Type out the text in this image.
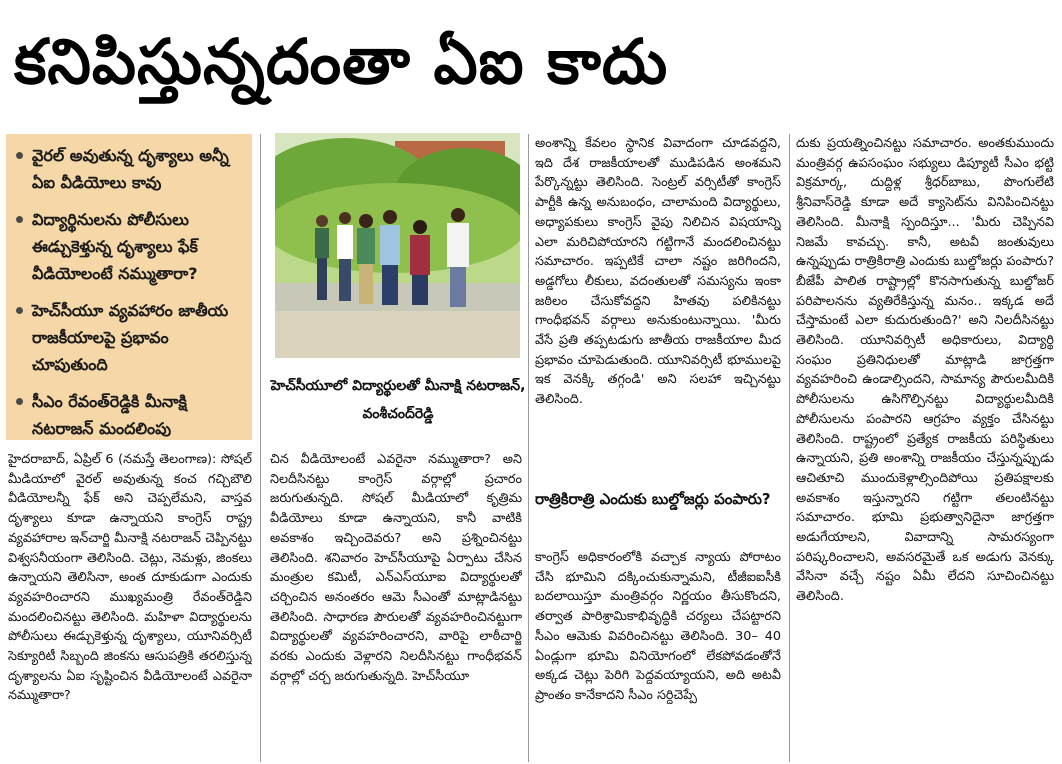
కనిపిస్తున్నదంతా ఏఐ కాదు
వైరల్ అవుతున్న దృశ్యాలు అన్నీ ఏఐ వీడియోలు కావు
విద్యార్థినులను పోలీసులు ఈడ్చుకెళ్తున్న దృశ్యాలు ఫేక్ వీడియోలంటే నమ్ముతారా?
హెచ్‌సీయూ వ్యవహారం జాతీయ రాజకీయాలపై ప్రభావం చూపుతుంది
సీఎం రేవంత్‌రెడ్డికి మీనాక్షి నటరాజన్ మందలింపు

హైదరాబాద్, ఏప్రిల్ 6 (నమస్తే తెలంగాణ): సోషల్ మీడియాలో వైరల్ అవుతున్న కంచ గచ్చిబౌలి వీడియోలన్నీ ఫేక్ అని చెప్పలేమని, వాస్తవ దృశ్యాలు కూడా ఉన్నాయని కాంగ్రెస్ రాష్ట్ర వ్యవహారాల ఇన్‌చార్జి మీనాక్షి నటరాజన్ చెప్పినట్టు విశ్వసనీయంగా తెలిసింది. చెట్లు, నెమళ్లు, జింకలు ఉన్నాయని తెలిసినా, అంత దూకుడుగా ఎందుకు వ్యవహరించారని ముఖ్యమంత్రి రేవంత్‌రెడ్డిని మందలించినట్టు తెలిసింది. మహిళా విద్యార్థులను పోలీసులు ఈడ్చుకెళ్తున్న దృశ్యాలు, యూనివర్సిటీ సెక్యూరిటీ సిబ్బంది జింకను ఆసుపత్రికి తరలిస్తున్న దృశ్యాలను ఏఐ సృష్టించిన వీడియోలంటే ఎవరైనా నమ్ముతారా?

హెచ్‌సీయూలో విద్యార్థులతో మీనాక్షి నటరాజన్, వంశీచంద్‌రెడ్డి

చిన వీడియోలంటే ఎవరైనా నమ్ముతారా? అని నిలదీసినట్టు కాంగ్రెస్ వర్గాల్లో ప్రచారం జరుగుతున్నది. సోషల్ మీడియాలో కృత్రిమ వీడియోలు కూడా ఉన్నాయని, కానీ వాటికి అవకాశం ఇచ్చిందెవరు? అని ప్రశ్నించినట్టు తెలిసింది. శనివారం హెచ్‌సీయూపై ఏర్పాటు చేసిన మంత్రుల కమిటీ, ఎన్‌ఎస్‌యూఐ విద్యార్థులతో చర్చించిన అనంతరం ఆమె సీఎంతో మాట్లాడినట్టు తెలిసింది. సాధారణ పౌరులతో వ్యవహరించినట్టుగా విద్యార్థులతో వ్యవహరించారని, వారిపై లాఠీచార్జి వరకు ఎందుకు వెళ్లారని నిలదీసినట్టు గాంధీభవన్ వర్గాల్లో చర్చ జరుగుతున్నది. హెచ్‌సీయూ

అంశాన్ని కేవలం స్థానిక వివాదంగా చూడవద్దని, ఇది దేశ రాజకీయాలతో ముడిపడిన అంశమని పేర్కొన్నట్టు తెలిసింది. సెంట్రల్ వర్సిటీతో కాంగ్రెస్ పార్టీకి ఉన్న అనుబంధం, చాలామంది విద్యార్థులు, అధ్యాపకులు కాంగ్రెస్ వైపు నిలిచిన విషయాన్ని ఎలా మరిచిపోయారని గట్టిగానే మందలించినట్టు సమాచారం. ఇప్పటికే చాలా నష్టం జరిగిందని, అడ్డగోలు లీకులు, వదంతులతో సమస్యను ఇంకా జఠిలం చేసుకోవద్దని హితవు పలికినట్టు గాంధీభవన్ వర్గాలు అనుకుంటున్నాయి. 'మీరు వేసే ప్రతి తప్పటడుగు జాతీయ రాజకీయాల మీద ప్రభావం చూపెడుతుంది. యూనివర్సిటీ భూములపై ఇక వెనక్కి తగ్గండి' అని సలహా ఇచ్చినట్టు తెలిసింది.

రాత్రికిరాత్రి ఎందుకు బుల్డోజర్లు పంపారు?

కాంగ్రెస్ అధికారంలోకి వచ్చాక న్యాయ పోరాటం చేసి భూమిని దక్కించుకున్నామని, టీజీఐఐసీకి బదలాయిస్తూ మంత్రివర్గం నిర్ణయం తీసుకొందని, తర్వాత పారిశ్రామికాభివృద్ధికి చర్యలు చేపట్టారని సీఎం ఆమెకు వివరించినట్టు తెలిసింది. 30– 40 ఏండ్లుగా భూమి వినియోగంలో లేకపోవడంతోనే అక్కడ చెట్లు పెరిగి పెద్దవయ్యాయని, అది అటవీ ప్రాంతం కానేకాదని సీఎం సర్దిచెప్పే

దుకు ప్రయత్నించినట్టు సమాచారం. అంతకుముందు మంత్రివర్గ ఉపసంఘం సభ్యులు డిప్యూటీ సీఎం భట్టి విక్రమార్క, దుద్దిళ్ల శ్రీధర్‌బాబు, పొంగులేటి శ్రీనివాస్‌రెడ్డి కూడా అదే క్యాసెట్‌ను వినిపించినట్టు తెలిసింది. మీనాక్షి స్పందిస్తూ... 'మీరు చెప్పినవి నిజమే కావచ్చు. కానీ, అటవీ జంతువులు ఉన్నప్పుడు రాత్రికిరాత్రి ఎందుకు బుల్డోజర్లు పంపారు? బీజేపీ పాలిత రాష్ట్రాల్లో కొనసాగుతున్న బుల్డోజర్ పరిపాలనను వ్యతిరేకిస్తున్న మనం.. ఇక్కడ అదే చేస్తామంటే ఎలా కుదురుతుంది?' అని నిలదీసినట్టు తెలిసింది. యూనివర్సిటీ అధికారులు, విద్యార్థి సంఘం ప్రతినిధులతో మాట్లాడి జాగ్రత్తగా వ్యవహరించి ఉండాల్సిందని, సామాన్య పౌరులమీదికి పోలీసులను ఉసిగొల్పినట్టు విద్యార్థులమీదికి పోలీసులను పంపారని ఆగ్రహం వ్యక్తం చేసినట్టు తెలిసింది. రాష్ట్రంలో ప్రత్యేక రాజకీయ పరిస్థితులు ఉన్నాయని, ప్రతి అంశాన్ని రాజకీయం చేస్తున్నప్పుడు ఆచితూచి ముందుకెళ్లాల్సిందిపోయి ప్రతిపక్షాలకు అవకాశం ఇస్తున్నారని గట్టిగా తలంటినట్టు సమాచారం. భూమి ప్రభుత్వానిదైనా జాగ్రత్తగా అడుగేయాలని, వివాదాన్ని సామరస్యంగా పరిష్కరించాలని, అవసరమైతే ఒక అడుగు వెనక్కు వేసినా వచ్చే నష్టం ఏమీ లేదని సూచించినట్టు తెలిసింది.
